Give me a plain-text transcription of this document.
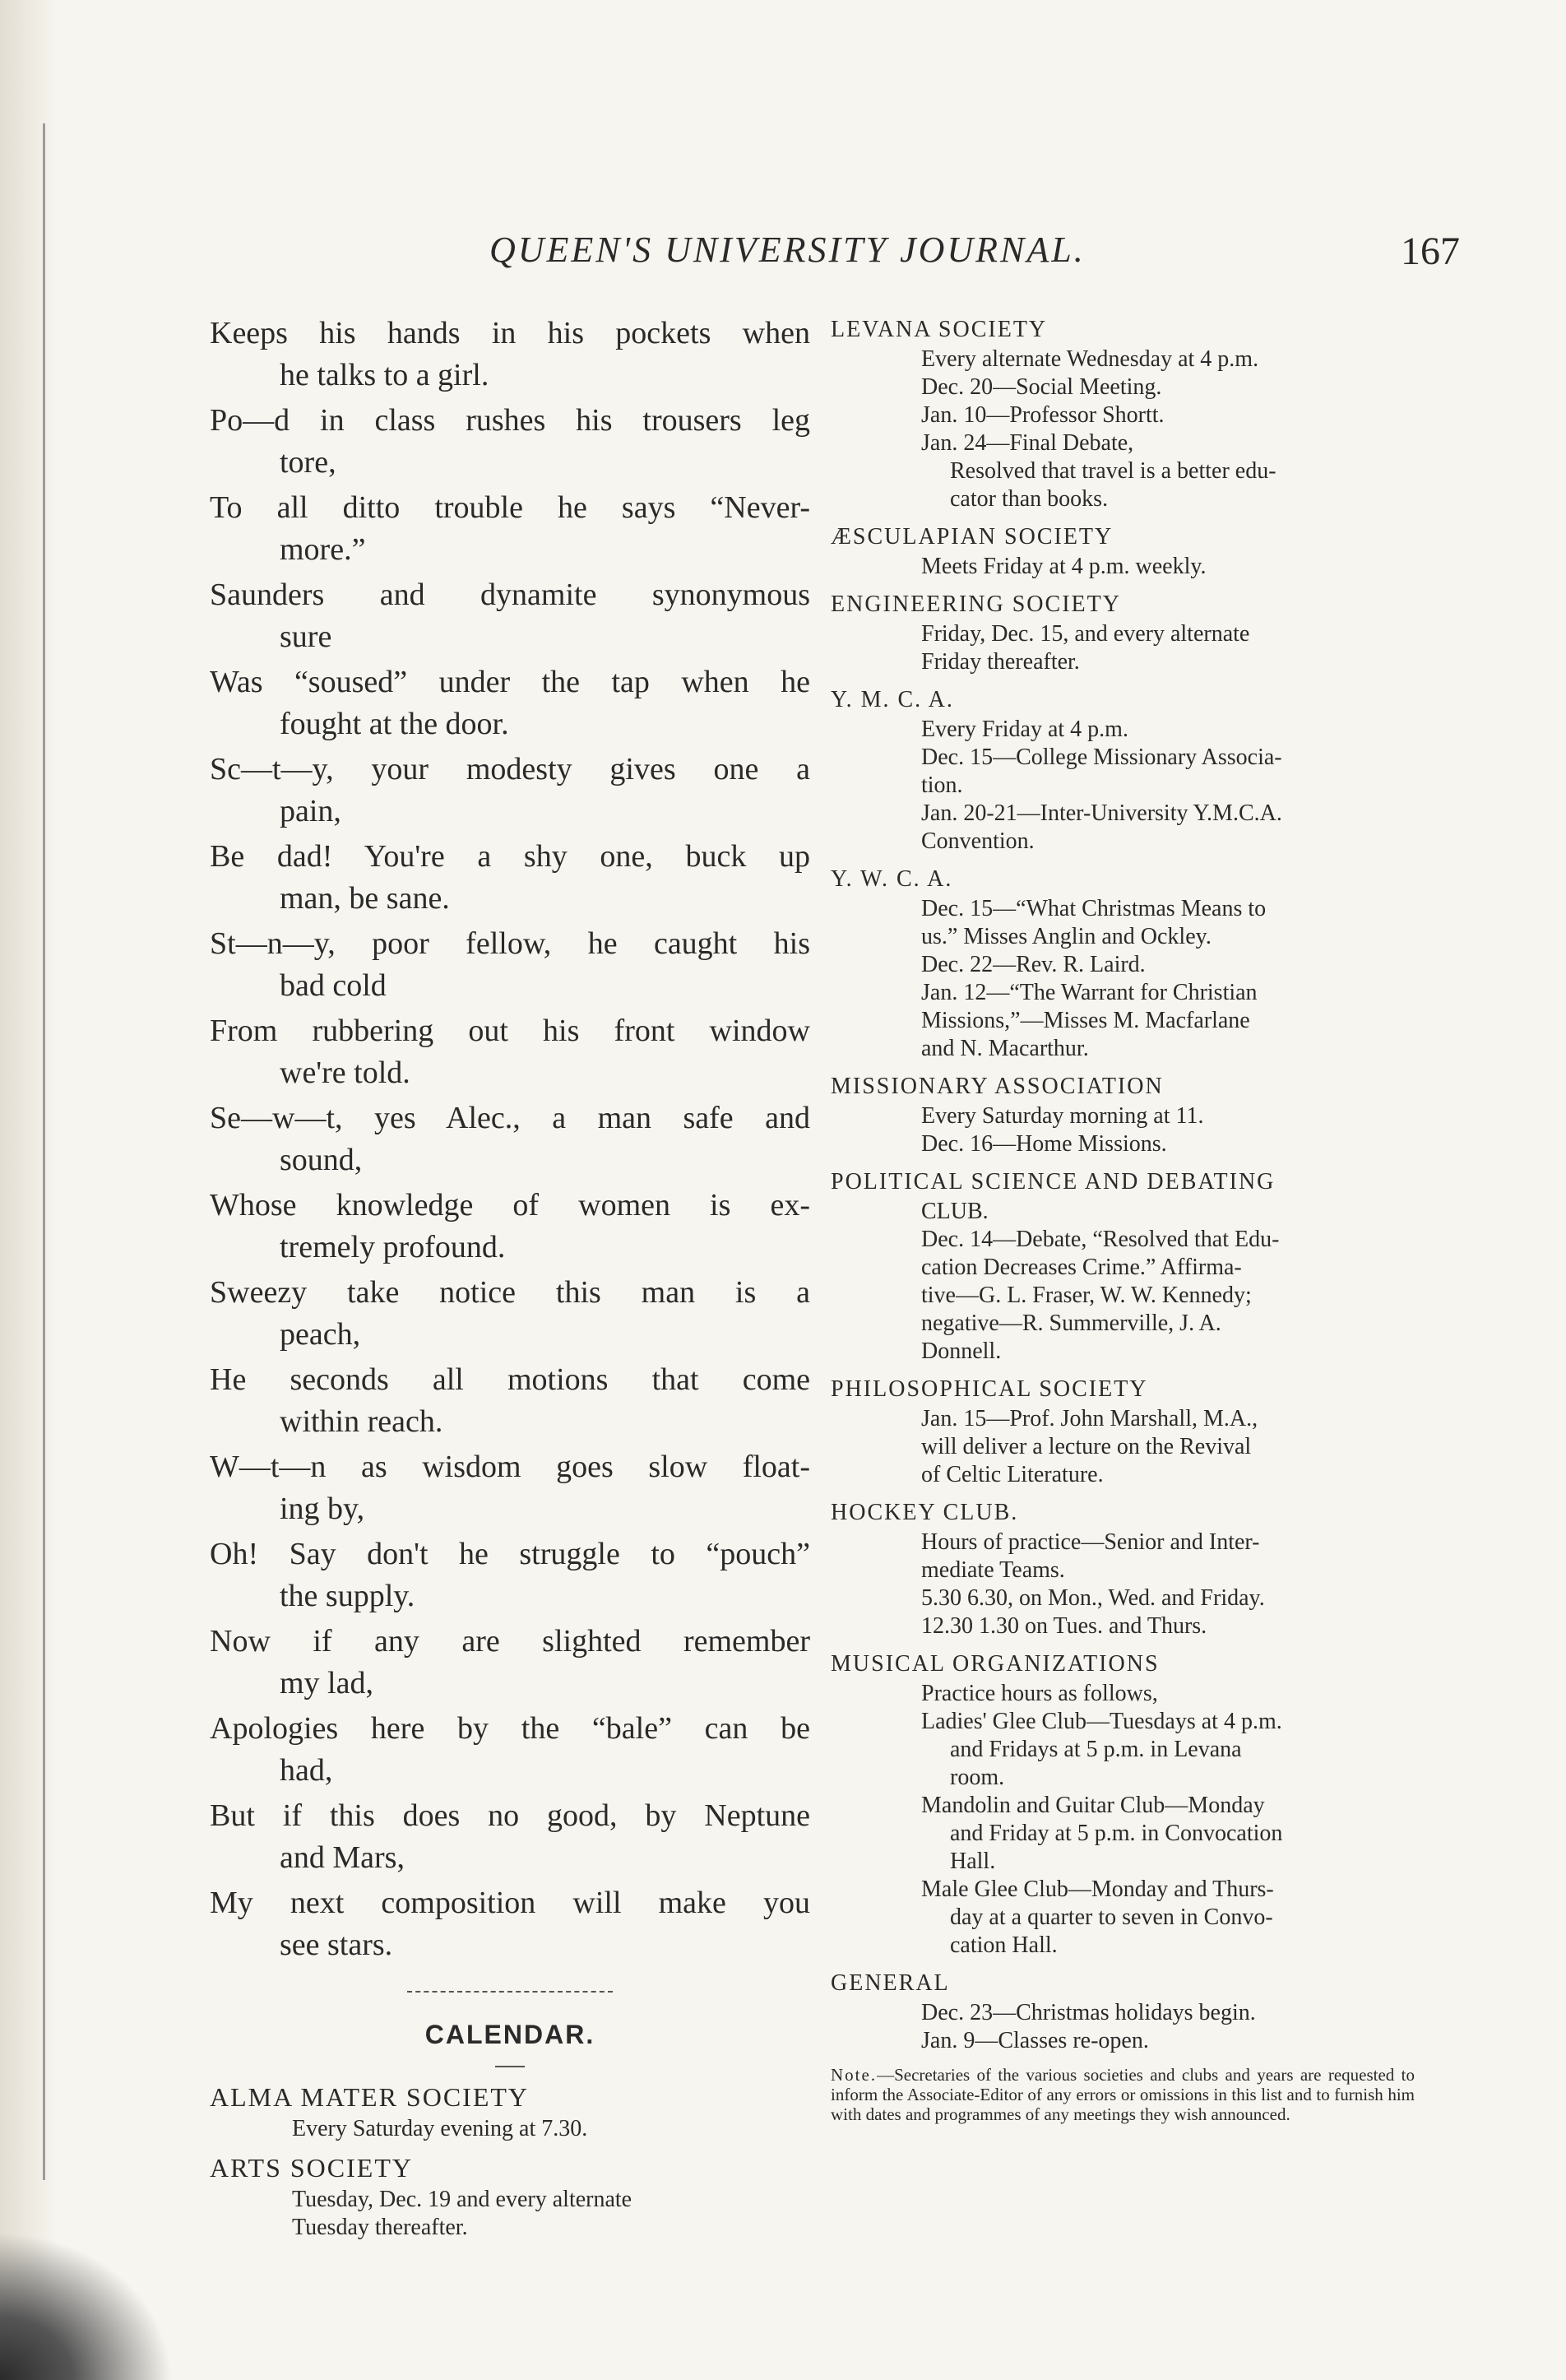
QUEEN'S UNIVERSITY JOURNAL.	167

Keeps his hands in his pockets when

he talks to a girl.

Po—d in class rushes his trousers leg

tore,

To all ditto trouble he says “Never-

more.”

Saunders and dynamite synonymous

sure

Was “soused” under the tap when he

fought at the door.

Sc—t—y, your modesty gives one a

pain,

Be dad! You're a shy one, buck up

man, be sane.

St—n—y, poor fellow, he caught his

bad cold

From rubbering out his front window

we're told.

Se—w—t, yes Alec., a man safe and

sound,

Whose knowledge of women is ex-

tremely profound.

Sweezy take notice this man is a

peach,

He seconds all motions that come

within reach.

W—t—n as wisdom goes slow float-

ing by,

Oh! Say don't he struggle to “pouch”

the supply.

Now if any are slighted remember

my lad,

Apologies here by the “bale” can be

had,

But if this does no good, by Neptune

and Mars,

My next composition will make you

see stars.

CALENDAR.

ALMA MATER SOCIETY

Every Saturday evening at 7.30.

ARTS SOCIETY

Tuesday, Dec. 19 and every alternate
Tuesday thereafter.

LEVANA SOCIETY

Every alternate Wednesday at 4 p.m.

Dec. 20—Social Meeting.

Jan. 10—Professor Shortt.

Jan. 24—Final Debate,

Resolved that travel is a better edu-

cator than books.

ÆSCULAPIAN SOCIETY

Meets Friday at 4 p.m. weekly.

ENGINEERING SOCIETY

Friday, Dec. 15, and every alternate

Friday thereafter.

Y. M. C. A.

Every Friday at 4 p.m.

Dec. 15—College Missionary Associa-

tion.

Jan. 20-21—Inter-University Y.M.C.A.

Convention.

Y. W. C. A.

Dec. 15—“What Christmas Means to

us.” Misses Anglin and Ockley.

Dec. 22—Rev. R. Laird.

Jan. 12—“The Warrant for Christian

Missions,”—Misses M. Macfarlane

and N. Macarthur.

MISSIONARY ASSOCIATION

Every Saturday morning at 11.

Dec. 16—Home Missions.

POLITICAL SCIENCE AND DEBATING

CLUB.

Dec. 14—Debate, “Resolved that Edu-

cation Decreases Crime.” Affirma-

tive—G. L. Fraser, W. W. Kennedy;

negative—R. Summerville, J. A.

Donnell.

PHILOSOPHICAL SOCIETY

Jan. 15—Prof. John Marshall, M.A.,

will deliver a lecture on the Revival

of Celtic Literature.

HOCKEY CLUB.

Hours of practice—Senior and Inter-

mediate Teams.

5.30 6.30, on Mon., Wed. and Friday.

12.30 1.30 on Tues. and Thurs.

MUSICAL ORGANIZATIONS

Practice hours as follows,

Ladies' Glee Club—Tuesdays at 4 p.m.

and Fridays at 5 p.m. in Levana

room.

Mandolin and Guitar Club—Monday

and Friday at 5 p.m. in Convocation

Hall.

Male Glee Club—Monday and Thurs-

day at a quarter to seven in Convo-

cation Hall.

GENERAL

Dec. 23—Christmas holidays begin.

Jan. 9—Classes re-open.

Note.—Secretaries of the various societies and clubs and years are requested to inform the Associate-Editor of any errors or omissions in this list and to furnish him with dates and programmes of any meetings they wish announced.
